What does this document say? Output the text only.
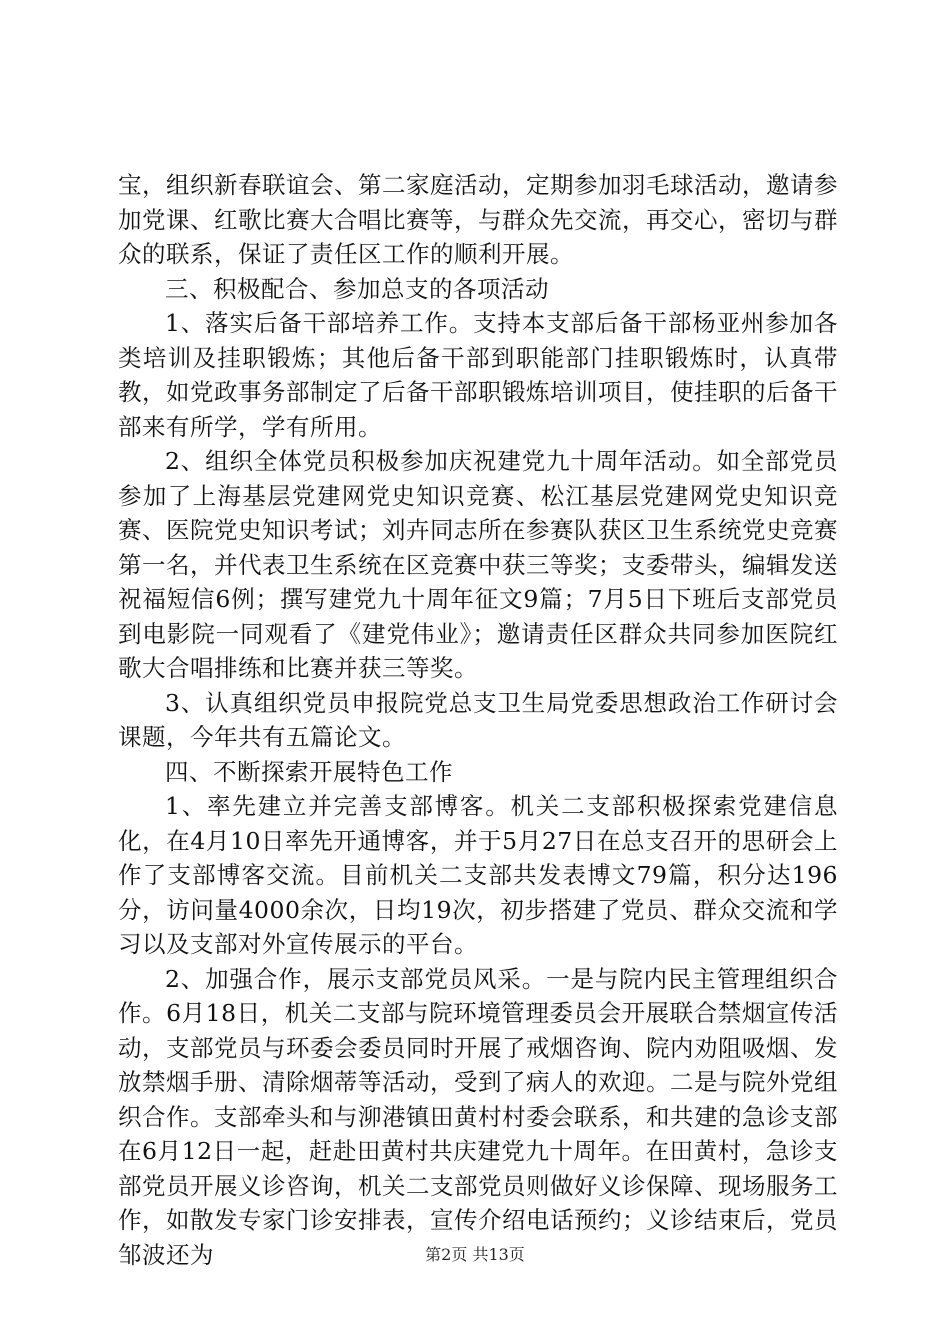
宝，组织新春联谊会、第二家庭活动，定期参加羽毛球活动，邀请参加党课、红歌比赛大合唱比赛等，与群众先交流，再交心，密切与群众的联系，保证了责任区工作的顺利开展。

三、积极配合、参加总支的各项活动

1、落实后备干部培养工作。支持本支部后备干部杨亚州参加各类培训及挂职锻炼；其他后备干部到职能部门挂职锻炼时，认真带教，如党政事务部制定了后备干部职锻炼培训项目，使挂职的后备干部来有所学，学有所用。

2、组织全体党员积极参加庆祝建党九十周年活动。如全部党员参加了上海基层党建网党史知识竞赛、松江基层党建网党史知识竞赛、医院党史知识考试；刘卉同志所在参赛队获区卫生系统党史竞赛第一名，并代表卫生系统在区竞赛中获三等奖；支委带头，编辑发送祝福短信6例；撰写建党九十周年征文9篇；7月5日下班后支部党员到电影院一同观看了《建党伟业》；邀请责任区群众共同参加医院红歌大合唱排练和比赛并获三等奖。

3、认真组织党员申报院党总支卫生局党委思想政治工作研讨会课题，今年共有五篇论文。

四、不断探索开展特色工作

1、率先建立并完善支部博客。机关二支部积极探索党建信息化，在4月10日率先开通博客，并于5月27日在总支召开的思研会上作了支部博客交流。目前机关二支部共发表博文79篇，积分达196分，访问量4000余次，日均19次，初步搭建了党员、群众交流和学习以及支部对外宣传展示的平台。

2、加强合作，展示支部党员风采。一是与院内民主管理组织合作。6月18日，机关二支部与院环境管理委员会开展联合禁烟宣传活动，支部党员与环委会委员同时开展了戒烟咨询、院内劝阻吸烟、发放禁烟手册、清除烟蒂等活动，受到了病人的欢迎。二是与院外党组织合作。支部牵头和与泖港镇田黄村村委会联系，和共建的急诊支部在6月12日一起，赶赴田黄村共庆建党九十周年。在田黄村，急诊支部党员开展义诊咨询，机关二支部党员则做好义诊保障、现场服务工作，如散发专家门诊安排表，宣传介绍电话预约；义诊结束后，党员邹波还为	第2页 共13页
